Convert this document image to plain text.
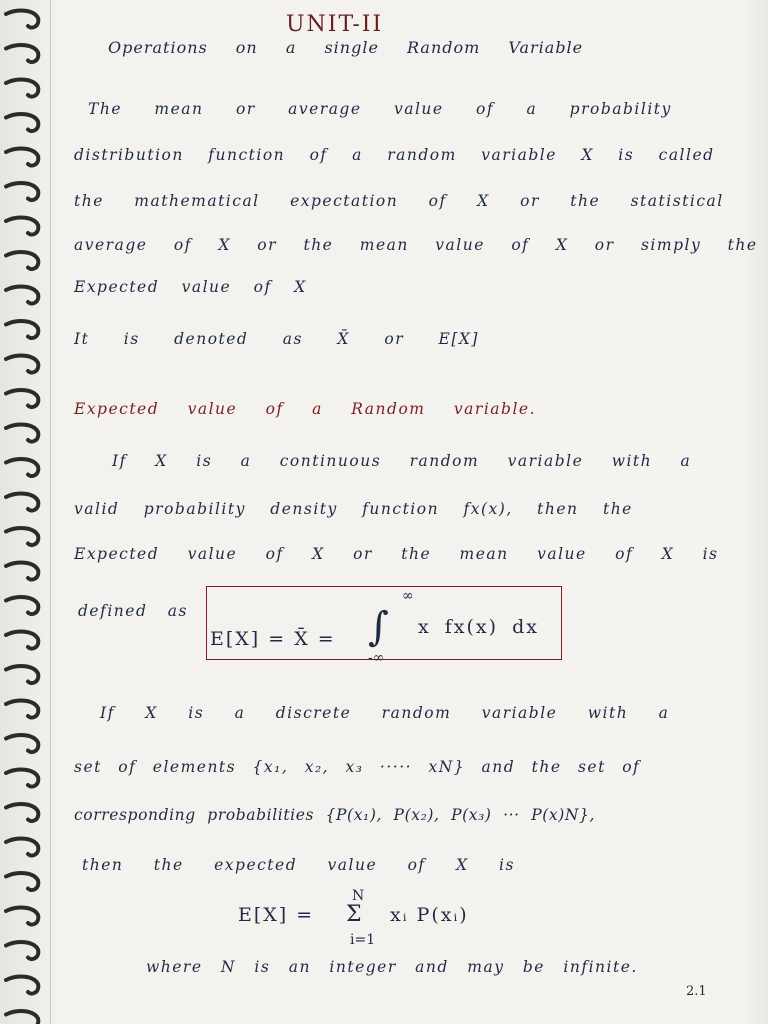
UNIT-II
Operations on a single Random Variable
The mean or average value of a probability
distribution function of a random variable X is called
the mathematical expectation of X or the statistical
average of X or the mean value of X or simply the
Expected value of X
It is denoted as X̄ or E[X]
Expected value of a Random variable.
If X is a continuous random variable with a
valid probability density function fx(x), then the
Expected value of X or the mean value of X is
defined as
E[X] = X̄ =
∞
∫
-∞
x fx(x) dx
If X is a discrete random variable with a
set of elements {x₁, x₂, x₃ ····· xN} and the set of
corresponding probabilities {P(x₁), P(x₂), P(x₃) ··· P(x)N},
then the expected value of X is
E[X] =
N
Σ
i=1
xᵢ P(xᵢ)
where N is an integer and may be infinite.
2.1
